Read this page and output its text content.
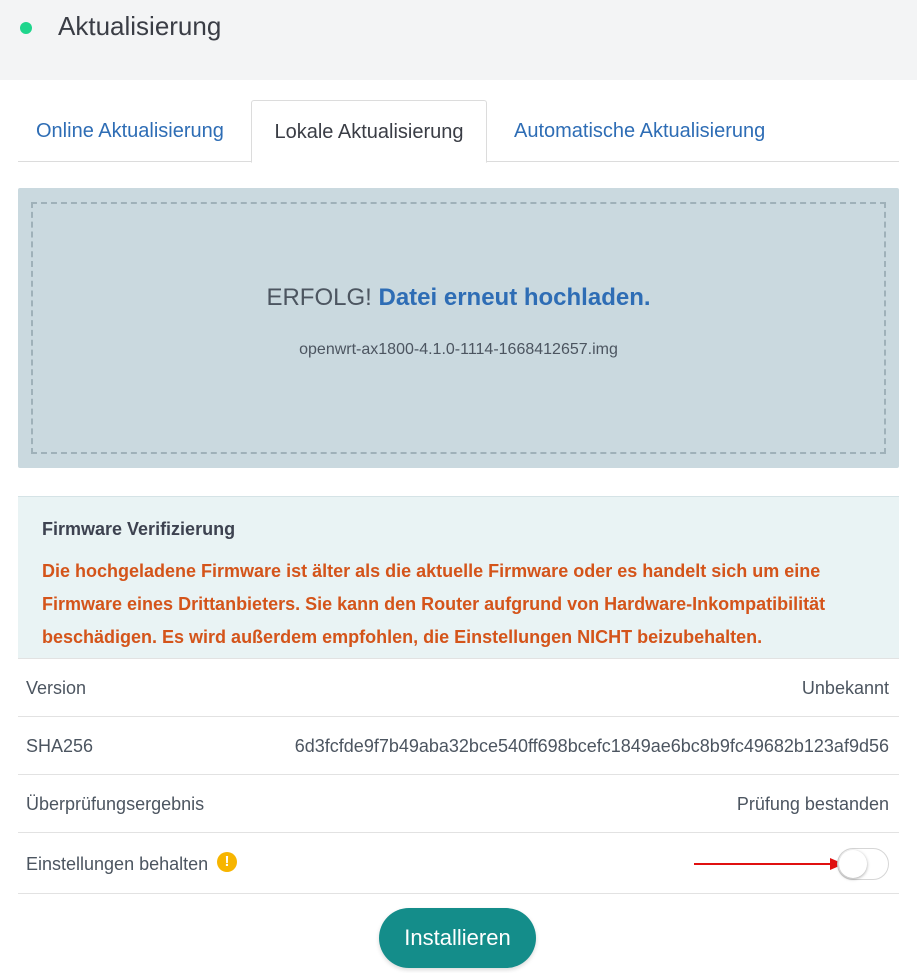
Aktualisierung
Online Aktualisierung	Lokale Aktualisierung	Automatische Aktualisierung
ERFOLG! Datei erneut hochladen.
openwrt-ax1800-4.1.0-1114-1668412657.img
Firmware Verifizierung
Die hochgeladene Firmware ist älter als die aktuelle Firmware oder es handelt sich um eine Firmware eines Drittanbieters. Sie kann den Router aufgrund von Hardware-Inkompatibilität beschädigen. Es wird außerdem empfohlen, die Einstellungen NICHT beizubehalten.
Version	Unbekannt
SHA256	6d3fcfde9f7b49aba32bce540ff698bcefc1849ae6bc8b9fc49682b123af9d56
Überprüfungsergebnis	Prüfung bestanden
Einstellungen behalten	!
Installieren
